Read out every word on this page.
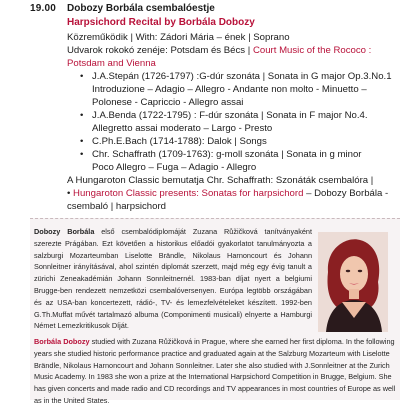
19.00 Dobozy Borbála csembalóestje
Harpsichord Recital by Borbála Dobozy
Közreműködik | With: Zádori Mária – ének | Soprano
Udvarok rokokó zenéje: Potsdam és Bécs | Court Music of the Rococo :
Potsdam and Vienna
• J.A.Stepán (1726-1797) :G-dúr szonáta | Sonata in G major Op.3.No.1
Introduzione – Adagio – Allegro - Andante non molto - Minuetto –
Polonese - Capriccio - Allegro assai
• J.A.Benda (1722-1795) : F-dúr szonáta | Sonata in F major No.4.
Allegretto assai moderato – Largo - Presto
• C.Ph.E.Bach (1714-1788): Dalok | Songs
• Chr. Schaffrath (1709-1763): g-moll szonáta | Sonata in g minor
Poco Allegro – Fuga – Adagio - Allegro
A Hungaroton Classic bemutatja Chr. Schaffrath: Szonáták csembalóra |
• Hungaroton Classic presents: Sonatas for harpsichord – Dobozy Borbála -
csembaló | harpsichord
Dobozy Borbála első csembalódiplomáját Zuzana Růžičková tanítványaként szerezte Prágában. Ezt követően a historikus előadói gyakorlatot tanulmányozta a salzburgi Mozarteumban Liselotte Brändle, Nikolaus Harnoncourt és Johann Sonnleitner irányításával, ahol szintén diplomát szerzett, majd még egy évig tanult a zürichi Zeneakadémián Johann Sonnleitnernél. 1983-ban díjat nyert a belgiumi Brugge-ben rendezett nemzetközi csembalóversenyen. Európa legtöbb országában és az USA-ban koncertezett, rádió-, TV- és lemezfelvételeket készített. 1992-ben G.Th.Muffat művét tartalmazó albuma (Componimenti musicali) elnyerte a Hamburgi Német Lemezkritikusok Díját.
Borbála Dobozy studied with Zuzana Růžičková in Prague, where she earned her first diploma. In the following years she studied historic performance practice and graduated again at the Salzburg Mozarteum with Liselotte Brändle, Nikolaus Harnoncourt and Johann Sonnleitner. Later she also studied with J.Sonnleitner at the Zurich Music Academy. In 1983 she won a prize at the International Harpsichord Competition in Brugge, Belgium. She has given concerts and made radio and CD recordings and TV appearances in most countries of Europe as well as in the United States.
